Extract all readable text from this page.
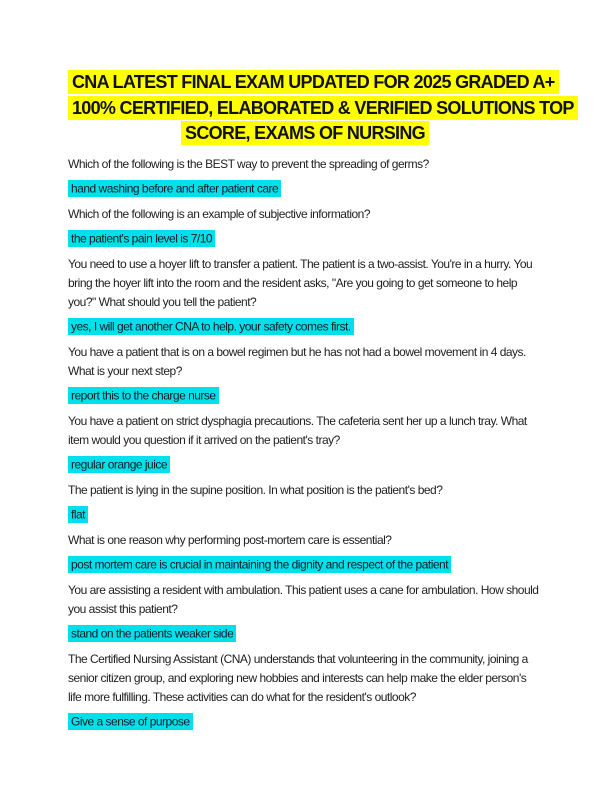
CNA LATEST FINAL EXAM UPDATED FOR 2025 GRADED A+
100% CERTIFIED, ELABORATED & VERIFIED SOLUTIONS TOP
SCORE, EXAMS OF NURSING

Which of the following is the BEST way to prevent the spreading of germs?

hand washing before and after patient care

Which of the following is an example of subjective information?

the patient's pain level is 7/10

You need to use a hoyer lift to transfer a patient. The patient is a two-assist. You're in a hurry. You bring the hoyer lift into the room and the resident asks, "Are you going to get someone to help you?" What should you tell the patient?

yes, I will get another CNA to help. your safety comes first.

You have a patient that is on a bowel regimen but he has not had a bowel movement in 4 days. What is your next step?

report this to the charge nurse

You have a patient on strict dysphagia precautions. The cafeteria sent her up a lunch tray. What item would you question if it arrived on the patient's tray?

regular orange juice

The patient is lying in the supine position. In what position is the patient's bed?

flat

What is one reason why performing post-mortem care is essential?

post mortem care is crucial in maintaining the dignity and respect of the patient

You are assisting a resident with ambulation. This patient uses a cane for ambulation. How should you assist this patient?

stand on the patients weaker side

The Certified Nursing Assistant (CNA) understands that volunteering in the community, joining a senior citizen group, and exploring new hobbies and interests can help make the elder person's life more fulfilling. These activities can do what for the resident's outlook?

Give a sense of purpose
